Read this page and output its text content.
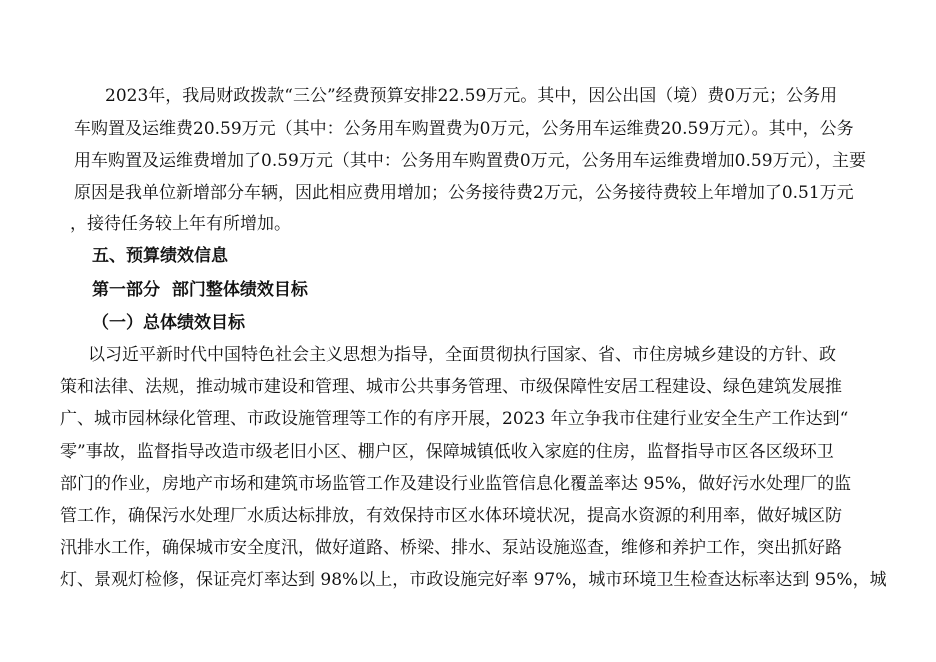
2023年，我局财政拨款“三公”经费预算安排22.59万元。其中，因公出国（境）费0万元；公务用
车购置及运维费20.59万元（其中：公务用车购置费为0万元，公务用车运维费20.59万元）。其中，公务
用车购置及运维费增加了0.59万元（其中：公务用车购置费0万元，公务用车运维费增加0.59万元），主要
原因是我单位新增部分车辆，因此相应费用增加；公务接待费2万元，公务接待费较上年增加了0.51万元
，接待任务较上年有所增加。
五、预算绩效信息
第一部分  部门整体绩效目标
（一）总体绩效目标
以习近平新时代中国特色社会主义思想为指导，全面贯彻执行国家、省、市住房城乡建设的方针、政
策和法律、法规，推动城市建设和管理、城市公共事务管理、市级保障性安居工程建设、绿色建筑发展推
广、城市园林绿化管理、市政设施管理等工作的有序开展，2023 年立争我市住建行业安全生产工作达到“
零”事故，监督指导改造市级老旧小区、棚户区，保障城镇低收入家庭的住房，监督指导市区各区级环卫
部门的作业，房地产市场和建筑市场监管工作及建设行业监管信息化覆盖率达 95%，做好污水处理厂的监
管工作，确保污水处理厂水质达标排放，有效保持市区水体环境状况，提高水资源的利用率，做好城区防
汛排水工作，确保城市安全度汛，做好道路、桥梁、排水、泵站设施巡查，维修和养护工作，突出抓好路
灯、景观灯检修，保证亮灯率达到 98%以上，市政设施完好率 97%，城市环境卫生检查达标率达到 95%，城
